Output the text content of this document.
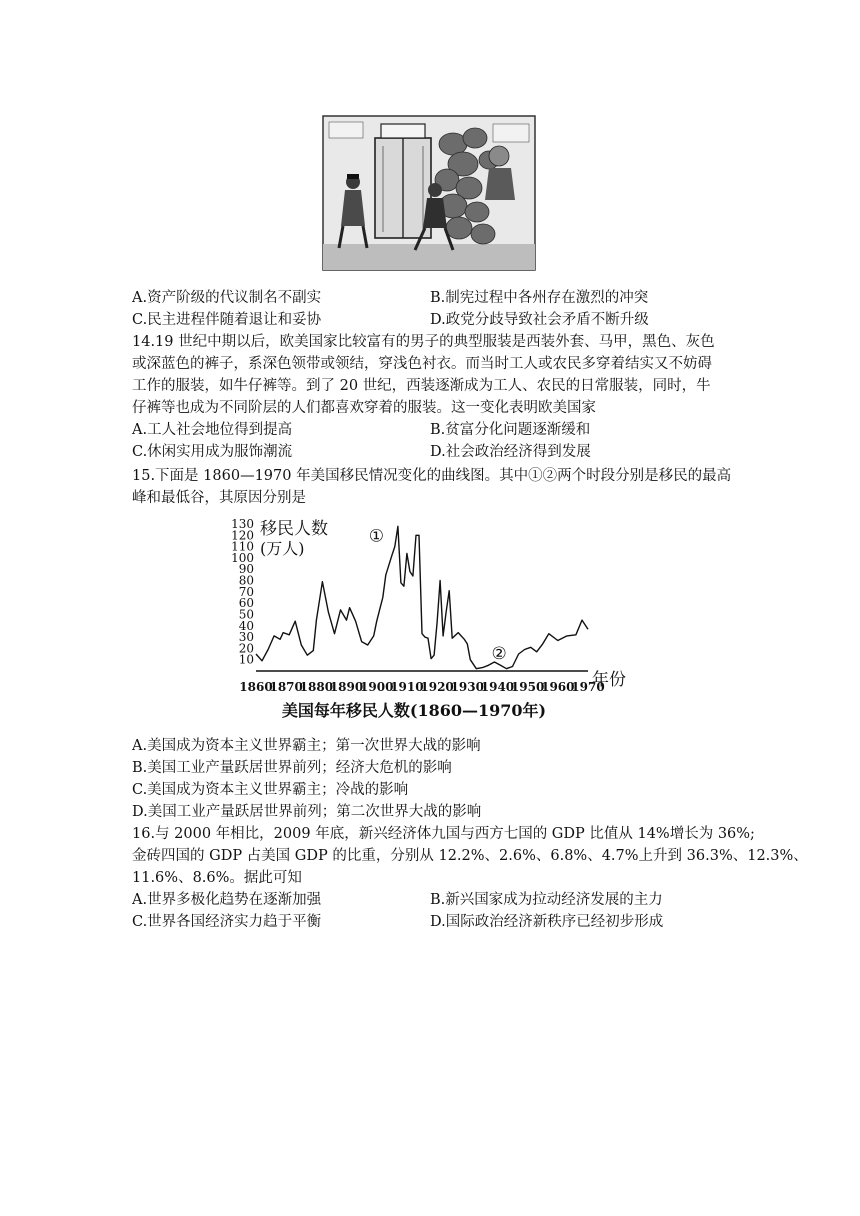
A.资产阶级的代议制名不副实	B.制宪过程中各州存在激烈的冲突
C.民主进程伴随着退让和妥协	D.政党分歧导致社会矛盾不断升级
14.19 世纪中期以后，欧美国家比较富有的男子的典型服装是西装外套、马甲，黑色、灰色
或深蓝色的裤子，系深色领带或领结，穿浅色衬衣。而当时工人或农民多穿着结实又不妨碍
工作的服装，如牛仔裤等。到了 20 世纪，西装逐渐成为工人、农民的日常服装，同时，牛
仔裤等也成为不同阶层的人们都喜欢穿着的服装。这一变化表明欧美国家
A.工人社会地位得到提高	B.贫富分化问题逐渐缓和
C.休闲实用成为服饰潮流	D.社会政治经济得到发展
15.下面是 1860—1970 年美国移民情况变化的曲线图。其中①②两个时段分别是移民的最高
峰和最低谷，其原因分别是
10
20
30
40
50
60
70
80
90
100
110
120
130
1860
1870
1880
1890
1900
1910
1920
1930
1940
1950
1960
1970
移民人数
(万人)
年份
①
②
美国每年移民人数(1860—1970年)
A.美国成为资本主义世界霸主；第一次世界大战的影响
B.美国工业产量跃居世界前列；经济大危机的影响
C.美国成为资本主义世界霸主；冷战的影响
D.美国工业产量跃居世界前列；第二次世界大战的影响
16.与 2000 年相比，2009 年底，新兴经济体九国与西方七国的 GDP 比值从 14%增长为 36%;
金砖四国的 GDP 占美国 GDP 的比重，分别从 12.2%、2.6%、6.8%、4.7%上升到 36.3%、12.3%、
11.6%、8.6%。据此可知
A.世界多极化趋势在逐渐加强	B.新兴国家成为拉动经济发展的主力
C.世界各国经济实力趋于平衡	D.国际政治经济新秩序已经初步形成
